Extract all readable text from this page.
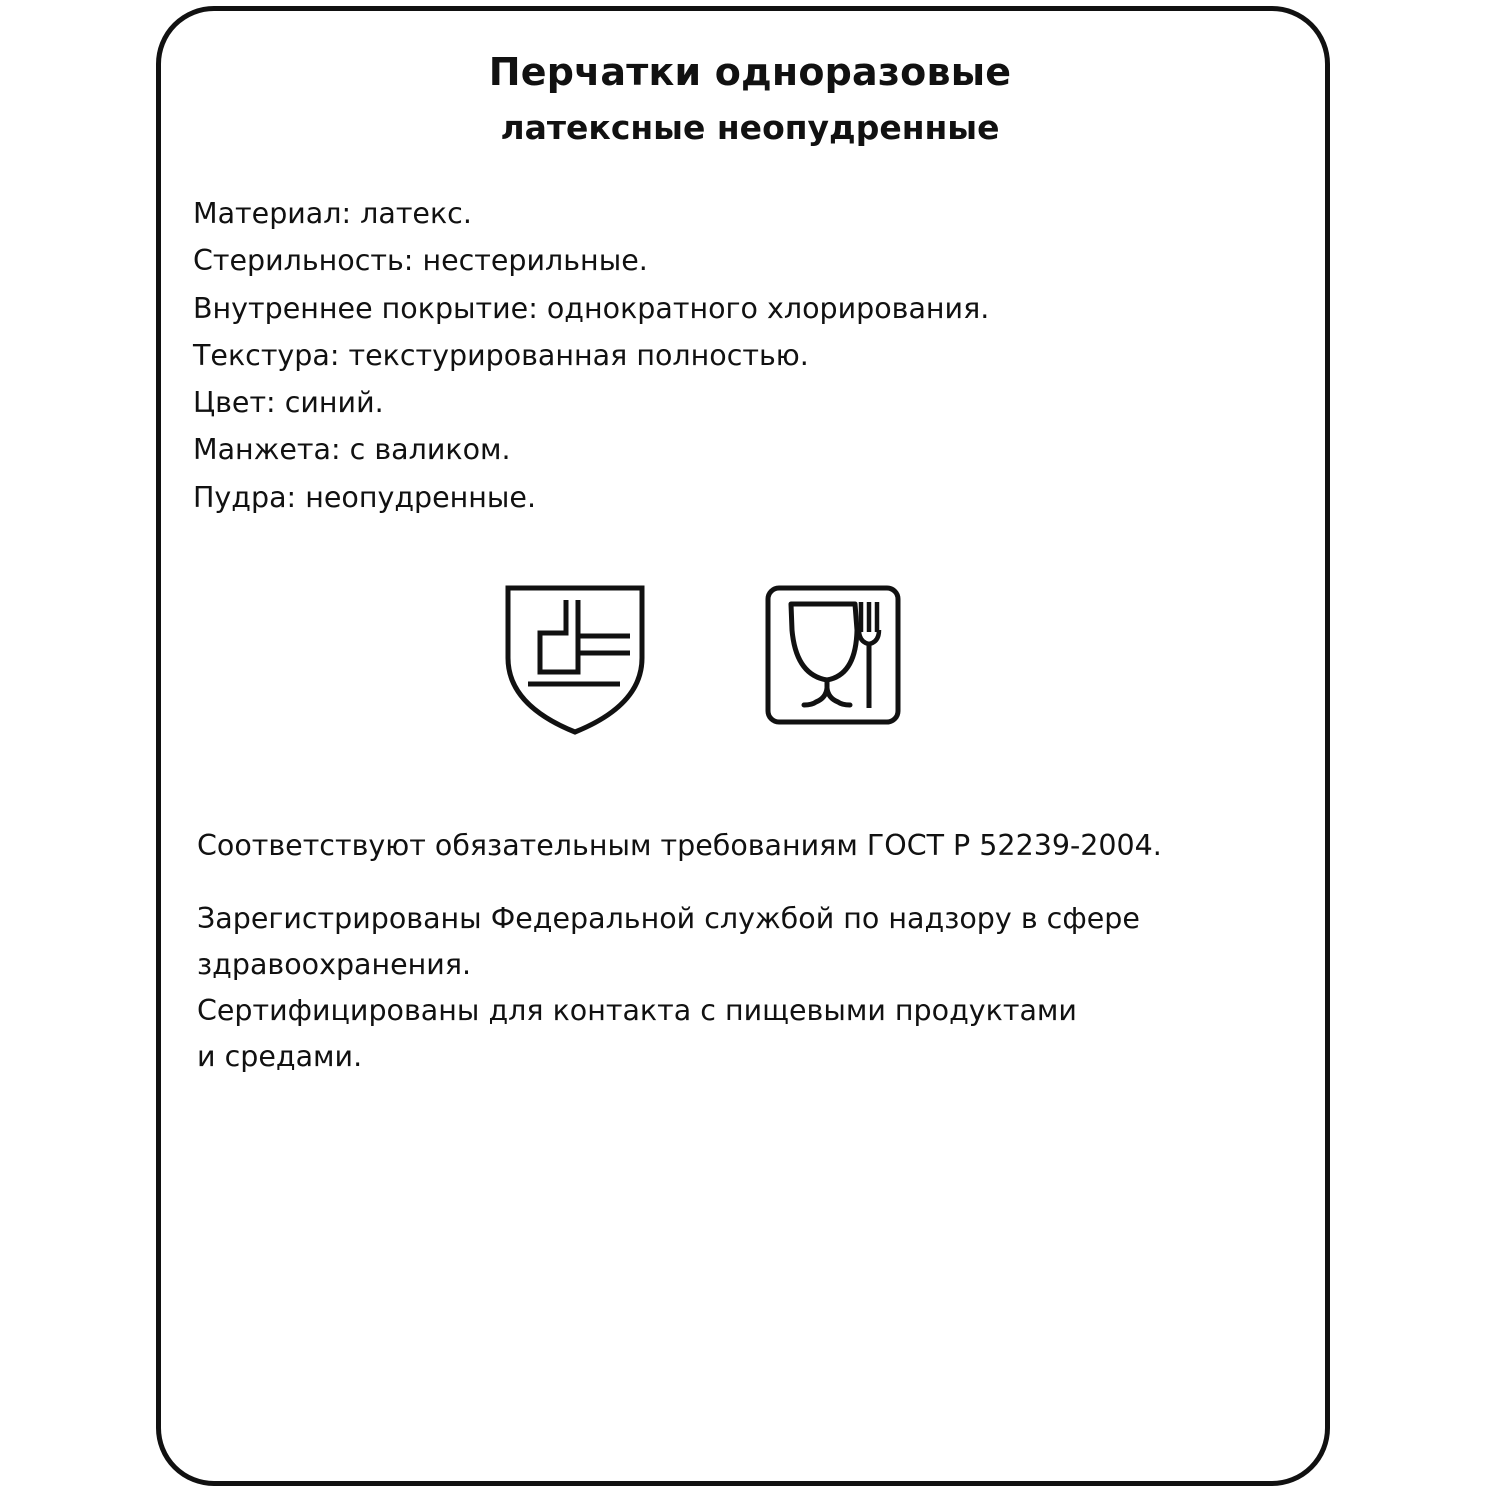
Перчатки одноразовые
латексные неопудренные
Материал: латекс.
Стерильность: нестерильные.
Внутреннее покрытие: однократного хлорирования.
Текстура: текстурированная полностью.
Цвет: синий.
Манжета: с валиком.
Пудра: неопудренные.

Соответствуют обязательным требованиям ГОСТ Р 52239-2004.

Зарегистрированы Федеральной службой по надзору в сфере
здравоохранения.

Сертифицированы для контакта с пищевыми продуктами
и средами.
